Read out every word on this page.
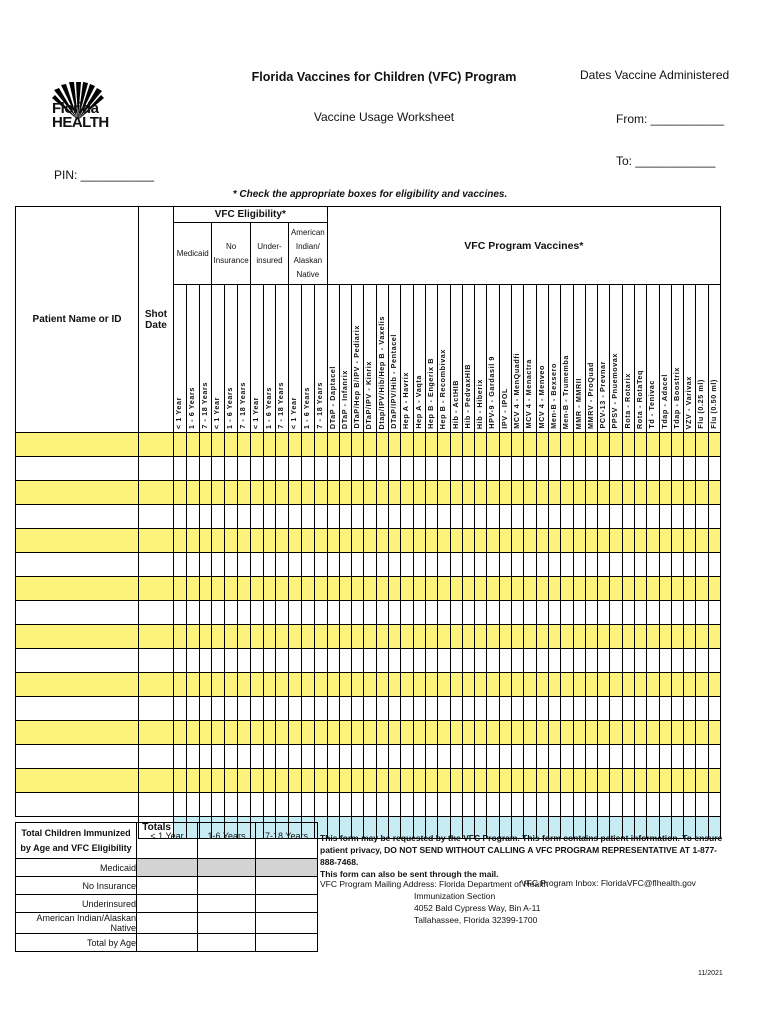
Florida
HEALTH
Florida Vaccines for Children (VFC) Program
Vaccine Usage Worksheet
Dates Vaccine Administered
From: ___________
To: ____________
PIN: ___________
* Check the appropriate boxes for eligibility and vaccines.
Patient Name or ID	Shot Date	VFC Eligibility*												VFC Program Vaccines*																															
		Medicaid			No Insurance			Under-insured			American Indian/ Alaskan Native																																		

		< 1 Year	1 - 6 Years	7 - 18 Years	< 1 Year	1 - 6 Years	7 - 18 Years	< 1 Year	1 - 6 Years	7 - 18 Years	< 1 Year	1 - 6 Years	7 - 18 Years	DTaP - Daptacel	DTaP - Infanrix	DTaP/Hep B/IPV - Pediarix	DTaP/IPV - Kinrix	Dtap/IPV/Hib/Hep B - Vaxelis	DTaP/IPV/Hib - Pentacel	Hep A - Havrix	Hep A - Vaqta	Hep B - Engerix B	Hep B - Recombivax	Hib - ActHIB	Hib - PedvaxHIB	Hib - Hiberix	HPV-9 - Gardasil 9	IPV - IPOL	MCV 4 - MenQuadfi	MCV 4 - Menactra	MCV 4 - Menveo	Men-B - Bexsero	Men-B - Trumemba	MMR - MMRII	MMRV - ProQuad	PCV-13 - Prevnar	PPSV - Pnuemovax	Rota - Rotarix	Rota - RotaTeq	Td - Tenivac	Tdap - Adacel	Tdap - Boostrix	VZV - Varivax	Flu (0.25 ml)	Flu (0.50 ml)

	Totals																																												
Total Children Immunized by Age and VFC Eligibility	< 1 Year	1-6 Years	7-18 Years
Medicaid			
No Insurance			
Underinsured			
American Indian/Alaskan Native			
Total by Age			
This form may be requested by the VFC Program. This form contains patient information. To ensure patient privacy, DO NOT SEND WITHOUT CALLING A VFC PROGRAM REPRESENTATIVE AT 1-877-888-7468.
This form can also be sent through the mail.
VFC Program Mailing Address: Florida Department of Health
Immunization Section
4052 Bald Cypress Way, Bin A-11
Tallahassee, Florida 32399-1700
VFC Program Inbox: FloridaVFC@flhealth.gov
11/2021
